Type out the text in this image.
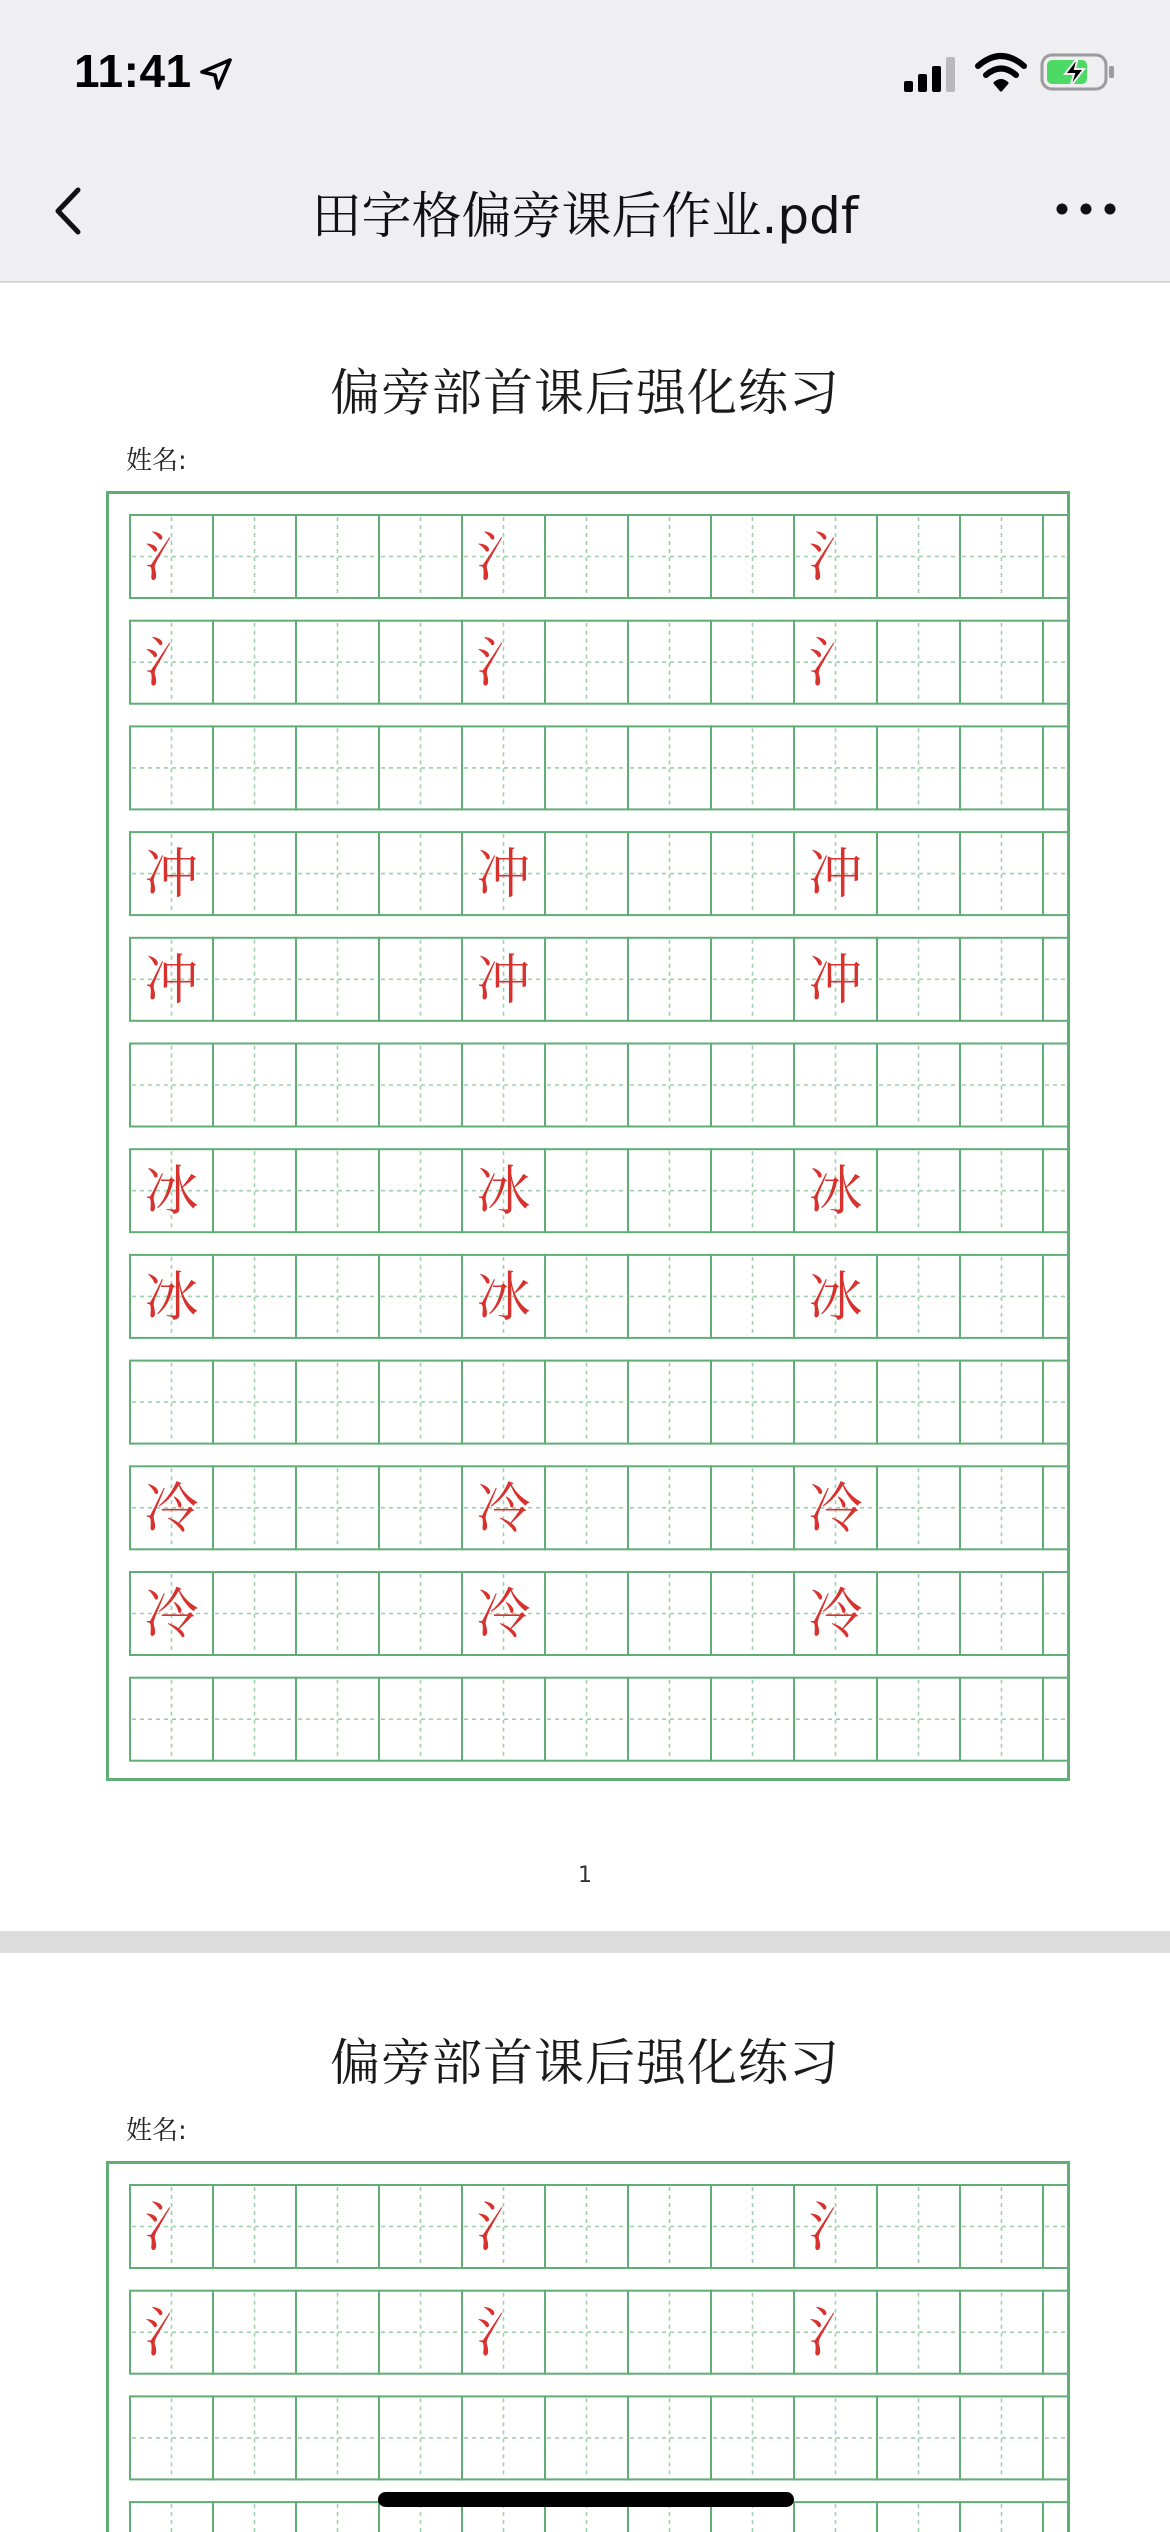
11:41
田字格偏旁课后作业.pdf
偏旁部首课后强化练习
姓名:
氵	氵	氵
氵	氵	氵
冲	冲	冲
冲	冲	冲
冰	冰	冰
冰	冰	冰
冷	冷	冷
冷	冷	冷
1
偏旁部首课后强化练习
姓名:
氵	氵	氵
氵	氵	氵
